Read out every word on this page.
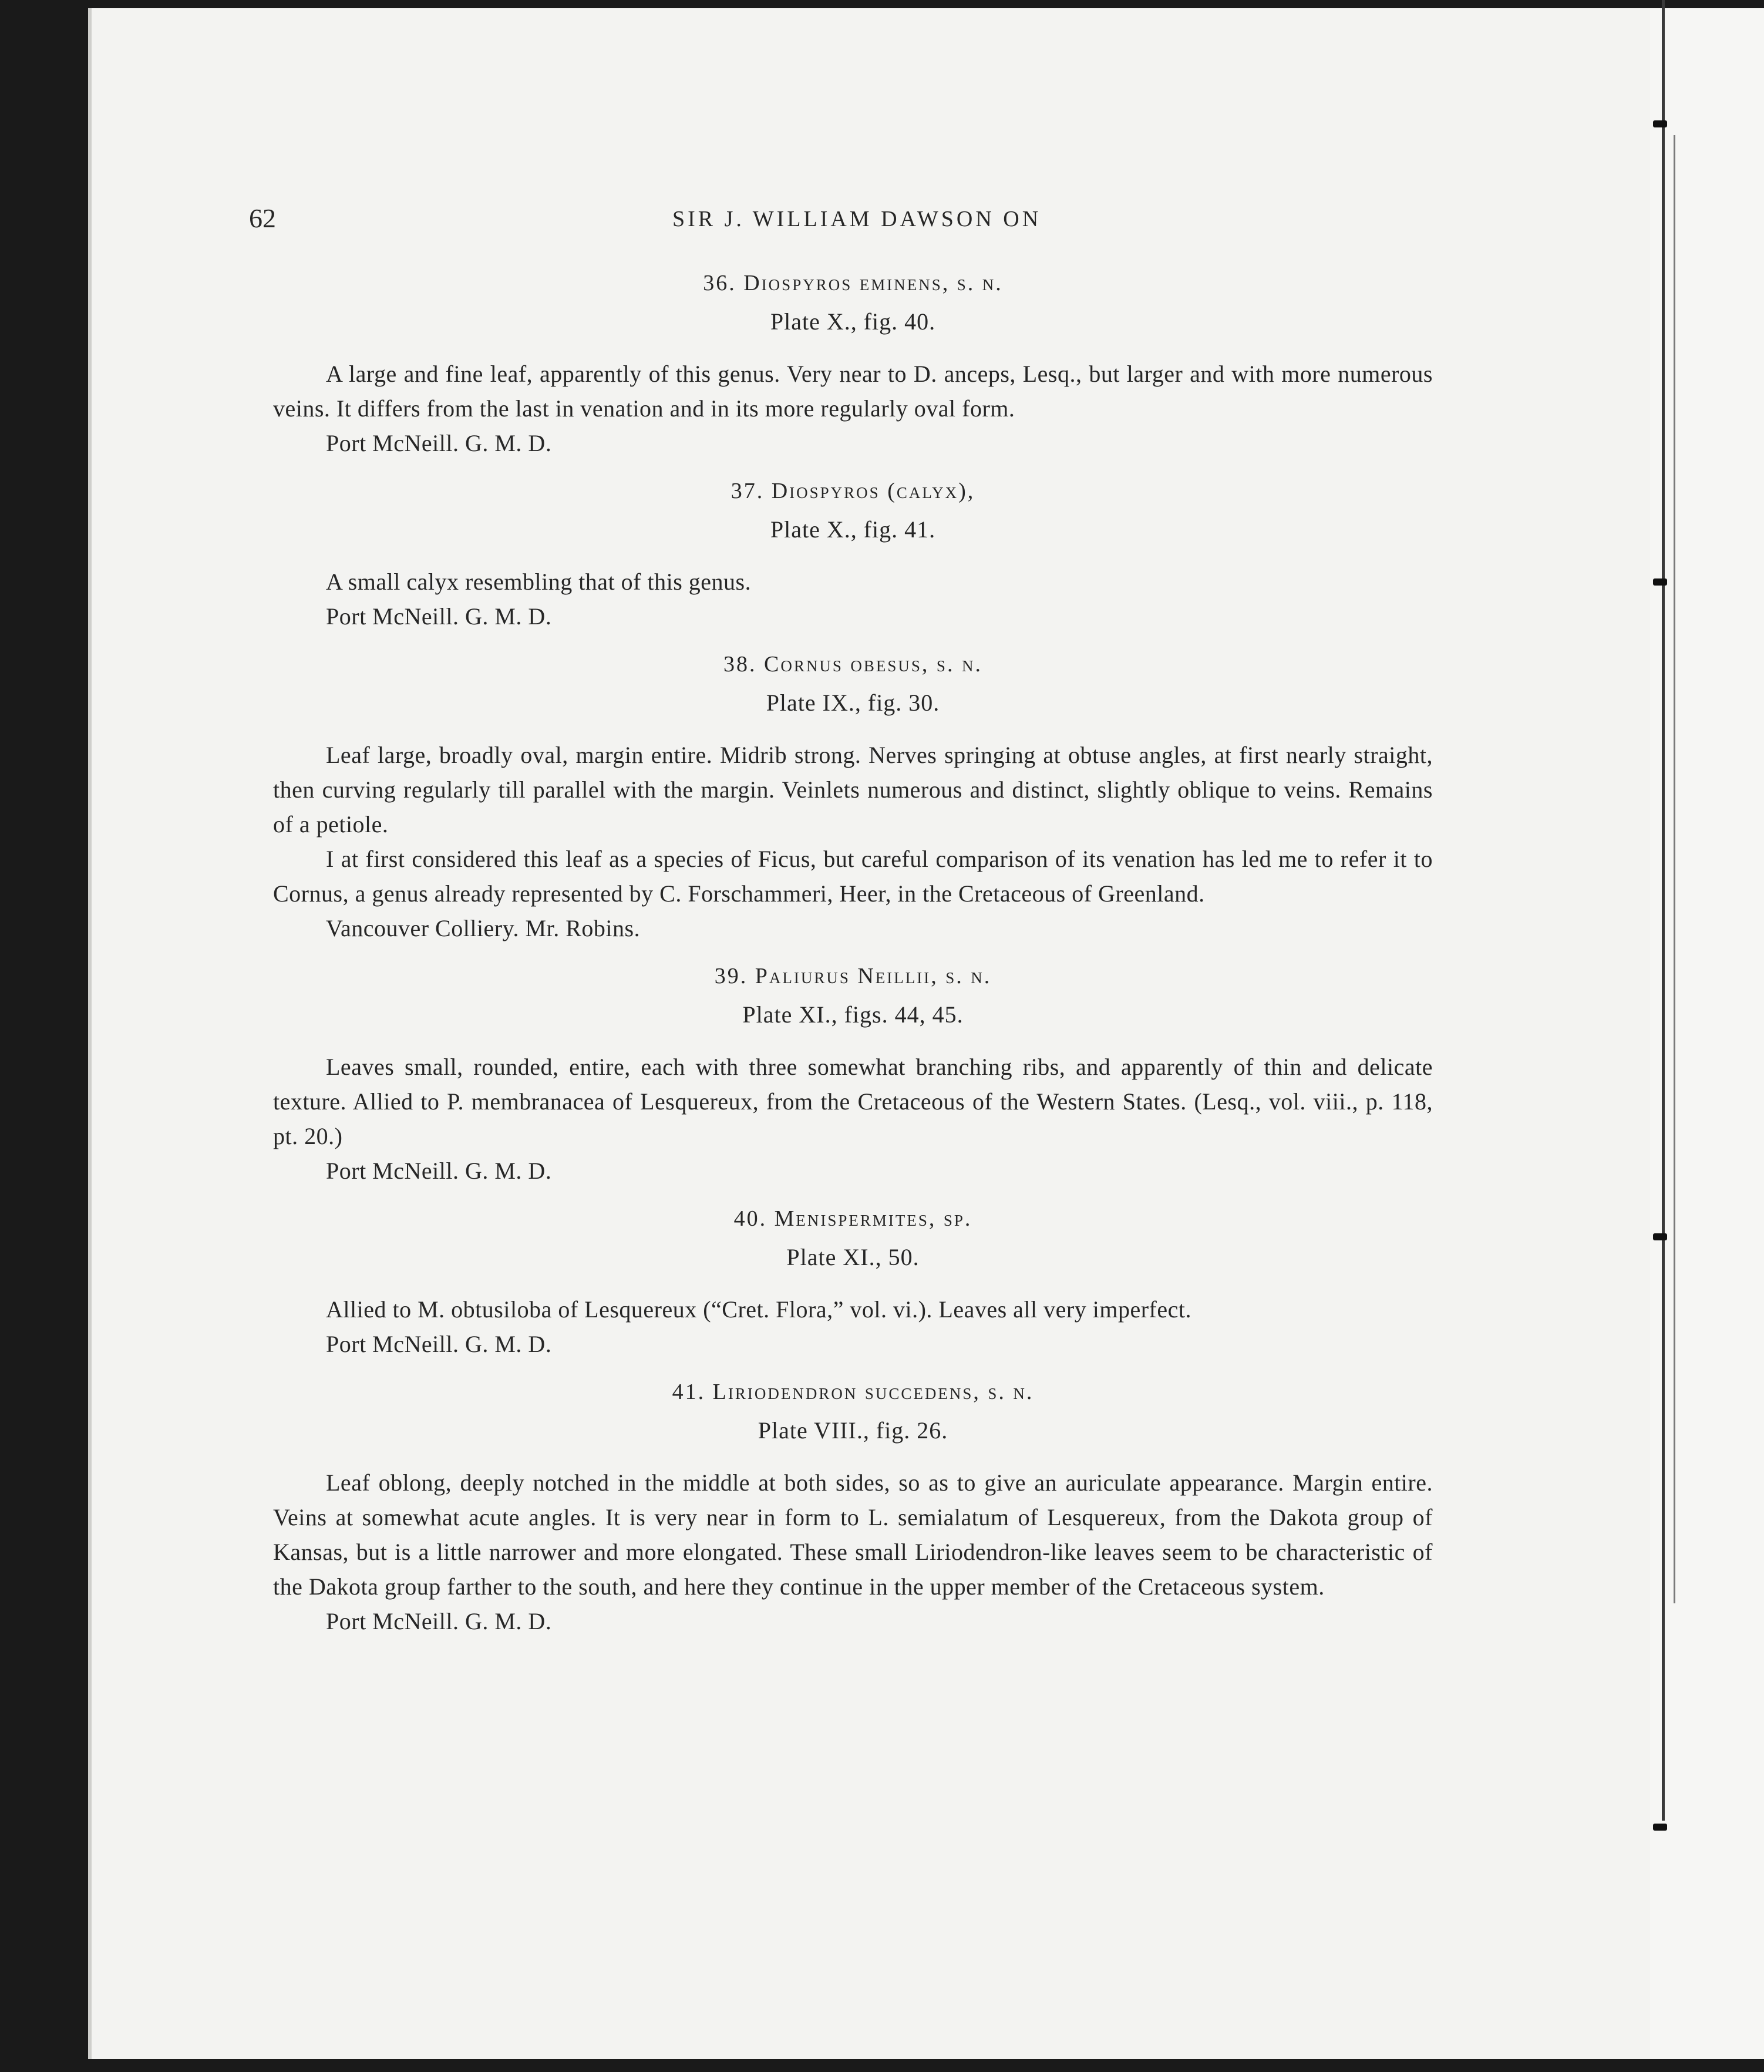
62	SIR J. WILLIAM DAWSON ON
36. Diospyros eminens, s. n.
Plate X., fig. 40.

A large and fine leaf, apparently of this genus. Very near to D. anceps, Lesq., but larger and with more numerous veins. It differs from the last in venation and in its more regularly oval form.

Port McNeill. G. M. D.

37. Diospyros (calyx),
Plate X., fig. 41.

A small calyx resembling that of this genus.

Port McNeill. G. M. D.

38. Cornus obesus, s. n.
Plate IX., fig. 30.

Leaf large, broadly oval, margin entire. Midrib strong. Nerves springing at obtuse angles, at first nearly straight, then curving regularly till parallel with the margin. Veinlets numerous and distinct, slightly oblique to veins. Remains of a petiole.

I at first considered this leaf as a species of Ficus, but careful comparison of its venation has led me to refer it to Cornus, a genus already represented by C. Forschammeri, Heer, in the Cretaceous of Greenland.

Vancouver Colliery. Mr. Robins.

39. Paliurus Neillii, s. n.
Plate XI., figs. 44, 45.

Leaves small, rounded, entire, each with three somewhat branching ribs, and apparently of thin and delicate texture. Allied to P. membranacea of Lesquereux, from the Cretaceous of the Western States. (Lesq., vol. viii., p. 118, pt. 20.)

Port McNeill. G. M. D.

40. Menispermites, sp.
Plate XI., 50.

Allied to M. obtusiloba of Lesquereux (“Cret. Flora,” vol. vi.). Leaves all very imperfect.

Port McNeill. G. M. D.

41. Liriodendron succedens, s. n.
Plate VIII., fig. 26.

Leaf oblong, deeply notched in the middle at both sides, so as to give an auriculate appearance. Margin entire. Veins at somewhat acute angles. It is very near in form to L. semialatum of Lesquereux, from the Dakota group of Kansas, but is a little narrower and more elongated. These small Liriodendron-like leaves seem to be characteristic of the Dakota group farther to the south, and here they continue in the upper member of the Cretaceous system.

Port McNeill. G. M. D.
